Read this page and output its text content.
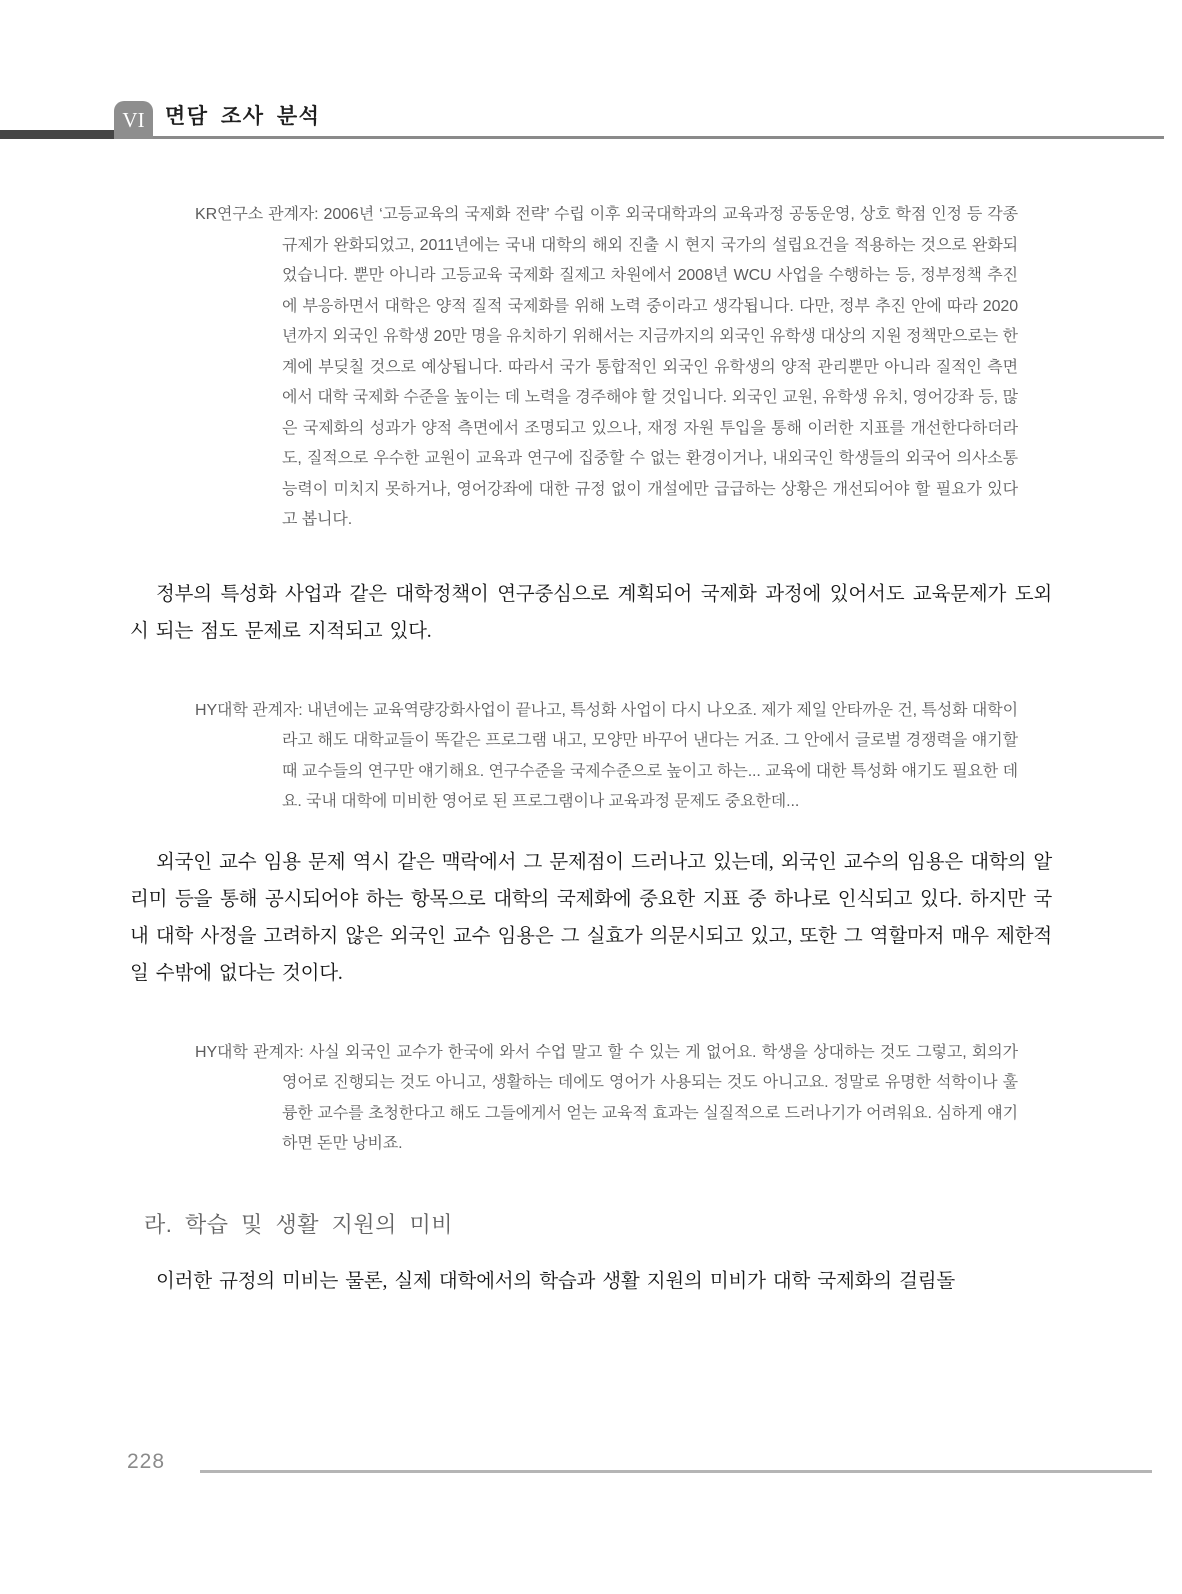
VI 면담 조사 분석
KR연구소 관계자: 2006년 ‘고등교육의 국제화 전략’ 수립 이후 외국대학과의 교육과정 공동운영, 상호 학점 인정 등 각종 규제가 완화되었고, 2011년에는 국내 대학의 해외 진출 시 현지 국가의 설립요건을 적용하는 것으로 완화되었습니다. 뿐만 아니라 고등교육 국제화 질제고 차원에서 2008년 WCU 사업을 수행하는 등, 정부정책 추진에 부응하면서 대학은 양적 질적 국제화를 위해 노력 중이라고 생각됩니다. 다만, 정부 추진 안에 따라 2020년까지 외국인 유학생 20만 명을 유치하기 위해서는 지금까지의 외국인 유학생 대상의 지원 정책만으로는 한계에 부딪칠 것으로 예상됩니다. 따라서 국가 통합적인 외국인 유학생의 양적 관리뿐만 아니라 질적인 측면에서 대학 국제화 수준을 높이는 데 노력을 경주해야 할 것입니다. 외국인 교원, 유학생 유치, 영어강좌 등, 많은 국제화의 성과가 양적 측면에서 조명되고 있으나, 재정 자원 투입을 통해 이러한 지표를 개선한다하더라도, 질적으로 우수한 교원이 교육과 연구에 집중할 수 없는 환경이거나, 내외국인 학생들의 외국어 의사소통 능력이 미치지 못하거나, 영어강좌에 대한 규정 없이 개설에만 급급하는 상황은 개선되어야 할 필요가 있다고 봅니다.

정부의 특성화 사업과 같은 대학정책이 연구중심으로 계획되어 국제화 과정에 있어서도 교육문제가 도외시 되는 점도 문제로 지적되고 있다.

HY대학 관계자: 내년에는 교육역량강화사업이 끝나고, 특성화 사업이 다시 나오죠. 제가 제일 안타까운 건, 특성화 대학이라고 해도 대학교들이 똑같은 프로그램 내고, 모양만 바꾸어 낸다는 거죠. 그 안에서 글로벌 경쟁력을 얘기할 때 교수들의 연구만 얘기해요. 연구수준을 국제수준으로 높이고 하는... 교육에 대한 특성화 얘기도 필요한 데요. 국내 대학에 미비한 영어로 된 프로그램이나 교육과정 문제도 중요한데...

외국인 교수 임용 문제 역시 같은 맥락에서 그 문제점이 드러나고 있는데, 외국인 교수의 임용은 대학의 알리미 등을 통해 공시되어야 하는 항목으로 대학의 국제화에 중요한 지표 중 하나로 인식되고 있다. 하지만 국내 대학 사정을 고려하지 않은 외국인 교수 임용은 그 실효가 의문시되고 있고, 또한 그 역할마저 매우 제한적일 수밖에 없다는 것이다.

HY대학 관계자: 사실 외국인 교수가 한국에 와서 수업 말고 할 수 있는 게 없어요. 학생을 상대하는 것도 그렇고, 회의가 영어로 진행되는 것도 아니고, 생활하는 데에도 영어가 사용되는 것도 아니고요. 정말로 유명한 석학이나 훌륭한 교수를 초청한다고 해도 그들에게서 얻는 교육적 효과는 실질적으로 드러나기가 어려워요. 심하게 얘기하면 돈만 낭비죠.
라. 학습 및 생활 지원의 미비

이러한 규정의 미비는 물론, 실제 대학에서의 학습과 생활 지원의 미비가 대학 국제화의 걸림돌

228
